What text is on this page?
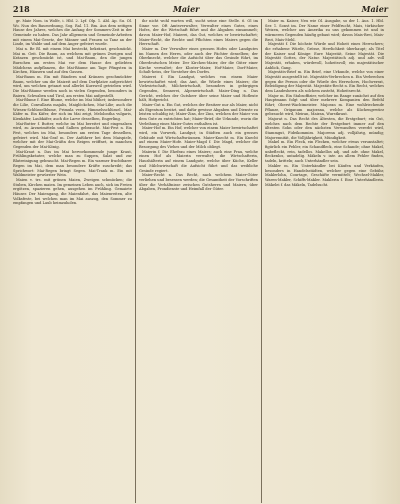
218	Maier	Maier

gr. Maie Nom. in Wolfe, i. Hbl. 2. Lyf. Olp. 1. Abl. Ap. Su. Ol. Wo. Nun des Baurordnung, Sog. Ral. 11. Bm. Aus dem zeitigen Hause des Jahres, welches die Anfang der Sommers-Zeit in der Gemeinde zu haben. Das Jahr allgemein und Gemeinde-Arbeiten mit einem Mai-Gesetz, der Männer und Frauen so Tanz an der Linde, im Walde und auf dem Anger gefeiert wurde.

Mai n. Be Bl. mit einem Mai besteckt, bekränzt, geschmückt. Mai m. Geit. Die Baum, an welchem mit grünen Zweigen und Kränzen geschmückt ist, und Mai-Baum, den die jungen Burschen am ersten Mai vor dem Hause des geliebten Mädchens aufpflanzen, die Mai-Bäume am Tage Pfingsten in Kirchen, Häusern und auf den Gassen.

Mai-Baum m. Ein mit Bändern und Kränzen geschmückter Baum, welcher um die Maizeit auf dem Dorfplatze aufgerichtet wird, um welchen getanzt und allerlei Kurzweil getrieben wird. Die Mai-Bäume werden noch in vielen Gegenden, besonders in Baiern, Schwaben und Tirol, am ersten Mai aufgestellt.

Mai-Blume f. Eine Blume, welche im Mai blühet; insbesondere die Lilie, Convallaria majalis, Maiglöckchen, Mai-Lilie; auch die Wiesen-Schlüsselblume, Primula veris, Himmelsschlüssel. Mai-Käfer m. Ein Käfer, der sich im Mai zeigt, Melolontha vulgaris, Kienkäfer, Laubkäfer, auch die Larve desselben, Engerling.

Mai-Butter f. Butter, welche im Mai bereitet und eingesalzen wird, zu Arzneimitteln und Salben gebraucht. Mai-Fest n. Ein Fest, welches im Mai, besonders am ersten Tage desselben, gefeiert wird. Mai-Graf m. Der Anführer bei dem Maispiele, welcher mit der Mai-Gräfin den Reigen eröffnet, in manchen Gegenden der Mai-König.

Mai-Kraut n. Das im Mai hervorkommende junge Kraut, Frühlingskräuter, welche man zu Suppen, Salat und zur Blutreinigung gebraucht. Mai-Regen m. Ein warmer fruchtbarer Regen im Mai, dem man besondere Kräfte zuschreibt; das Sprichwort: Mai-Regen bringt Segen. Mai-Trank m. Ein mit Waldmeister gewürzter Wein.

Maien v. trs. mit grünen Maien, Zweigen schmücken; die Stuben, Kirchen maien. Im gemeinen Leben auch, sich im Freien ergötzen, spazieren gehen, ausgehen im Frühling. Gemaiete Häuser. Der Maiengang, die Maienfahrt, das Maienreiten, alte Volksfeste, bei welchen man im Mai auszog, den Sommer zu empfangen und Laub heimzuholen.

ihr nicht wohl warten will, sucht seine eine Stelle. 6. Ol im Sinne vor. Oft Amtsverwalter, Verwalter eines Gutes, eines Hofes, der die Wirtschaft führt und die Abgaben einsammelt; davon Maier-Hof, Maierei, das Gut, welches er bewirtschaftet; Maier-Recht, die Rechte und Pflichten eines Maiers gegen die Herrschaft.

Maier m. Der Verwalter eines grossen Hofes oder Landgutes im Namen des Herrn, oder auch der Pächter desselben; der Oberknecht, welcher die Aufsicht über das Gesinde führt, im Oberdeutschen Meier. Der Kirchen-Maier, der die Güter einer Kirche verwaltet; der Kloster-Maier, Hof-Maier, Dorf-Maier, Schult-heiss, der Vorsteher des Dorfes.

Maierei f. Ein Landgut, welches von einem Maier bewirtschaftet wird; das Amt, die Würde eines Maiers; die Viehwirtschaft, Milchwirtschaft, besonders in gebirgigen Gegenden, Sennerei, Alpenwirtschaft. Maier-Ding n. Das Gericht, welches der Gutsherr über seine Maier und Hofleute hält, Hofgericht.

Maier-Gut n. Ein Gut, welches der Besitzer nur als Maier, nicht als Eigentum besitzt, und dafür gewisse Abgaben und Dienste zu leisten schuldig ist; Maier-Zins, der Zins, welchen der Maier von dem Gute zu entrichten hat; Maier-Brief, die Urkunde, worin die Verleihung eines Maier-Gutes enthalten ist.

Maier-Hof m. Ein Hof, welcher von einem Maier bewirtschaftet wird, ein Vorwerk, Landgut; in Städten auch ein grosses Gebäude mit Wirtschaftsräumen. Maier-Knecht m. Ein Knecht auf einem Maier-Hofe. Maier-Magd f. Die Magd, welcher die Besorgung des Viehes und der Milch obliegt.

Maierin f. Die Ehefrau eines Maiers; auch eine Frau, welche einen Hof als Maierin verwaltet; die Wirtschafterin, Haushälterin auf einem Landgute, welche über Küche, Keller und Milchwirtschaft die Aufsicht führt und das weibliche Gesinde regiert.

Maier-Recht n. Das Recht, nach welchem Maier-Güter verliehen und besessen werden; die Gesamtheit der Vorschriften über die Verhältnisse zwischen Gutsherrn und Maiern, über Abgaben, Frondienste und Heimfall der Güter.

Maier m. Kaiser, Neu wie Ol. Ausgabe, so der 1. Aus. 1. Hbl. Ser. 1. Sonst im. Der Name einer Feldfrucht, Mais, türkischer Weizen, welcher aus Amerika zu uns gekommen ist und in wärmeren Gegenden häufig gebaut wird; davon Mais-Brei, Mais-Brot, Mais-Mehl.

Majestät f. Die höchste Würde und Hoheit eines Herrschers; die erhabene Würde, Grösse, Herrlichkeit überhaupt; als Titel der Kaiser und Könige: Eure Majestät, Seine Majestät. Die Majestät Gottes, der Natur. Majestätisch adj. und adv. voll Majestät, erhaben, würdevoll, hoheitsvoll; ein majestätischer Anblick, Gang.

Majestäts-Brief m. Ein Brief, eine Urkunde, welche von einer Majestät ausgestellt ist. Majestäts-Verbrechen n. Ein Verbrechen gegen die Person oder die Würde des Herrschers, Hochverrat, Beleidigung der Majestät. Majestäts-Recht n. Ein Recht, welches dem Landesherrn als solchem zusteht, Hoheitsrecht.

Major m. Ein Stabsoffizier, welcher im Range zunächst auf den Hauptmann folgt und über mehrere Kompanien den Befehl führt; Oberst-Wachtmeister. Majoran m. Eine wohlriechende Pflanze, Origanum majorana, welche als Küchengewürz gebraucht wird, Meiran, Mairan, Wurstkraut.

Majorat n. Das Recht des Ältesten, die Erstgeburt; ein Gut, welches nach dem Rechte der Erstgeburt immer auf den ältesten Sohn oder den nächsten Verwandten vererbt wird, Stammgut, Fideikommiss. Majorenn adj. volljährig, mündig; Majorennität, die Volljährigkeit, Mündigkeit.

Makel m. Ein Fleck, ein Flecken, welcher etwas verunstaltet; figürlich ein Fehler, ein Schandfleck, eine Schande; ohne Makel, unbefleckt, rein, tadellos. Makellos adj. und adv. ohne Makel, fleckenlos, untadelig. Mäkeln v. intr. an allem Fehler finden, tadeln, kritteln; auch Unterhändler sein.

Makler m. Ein Unterhändler bei Käufen und Verkäufen, besonders in Handelsstädten, welcher gegen eine Gebühr, Maklerlohn, Courtage, Geschäfte vermittelt; Wechsel-Makler, Waren-Makler, Schiffs-Makler. Maklerin f. Eine Unterhändlerin. Mäkelei f. das Mäkeln, Tadelsucht.
